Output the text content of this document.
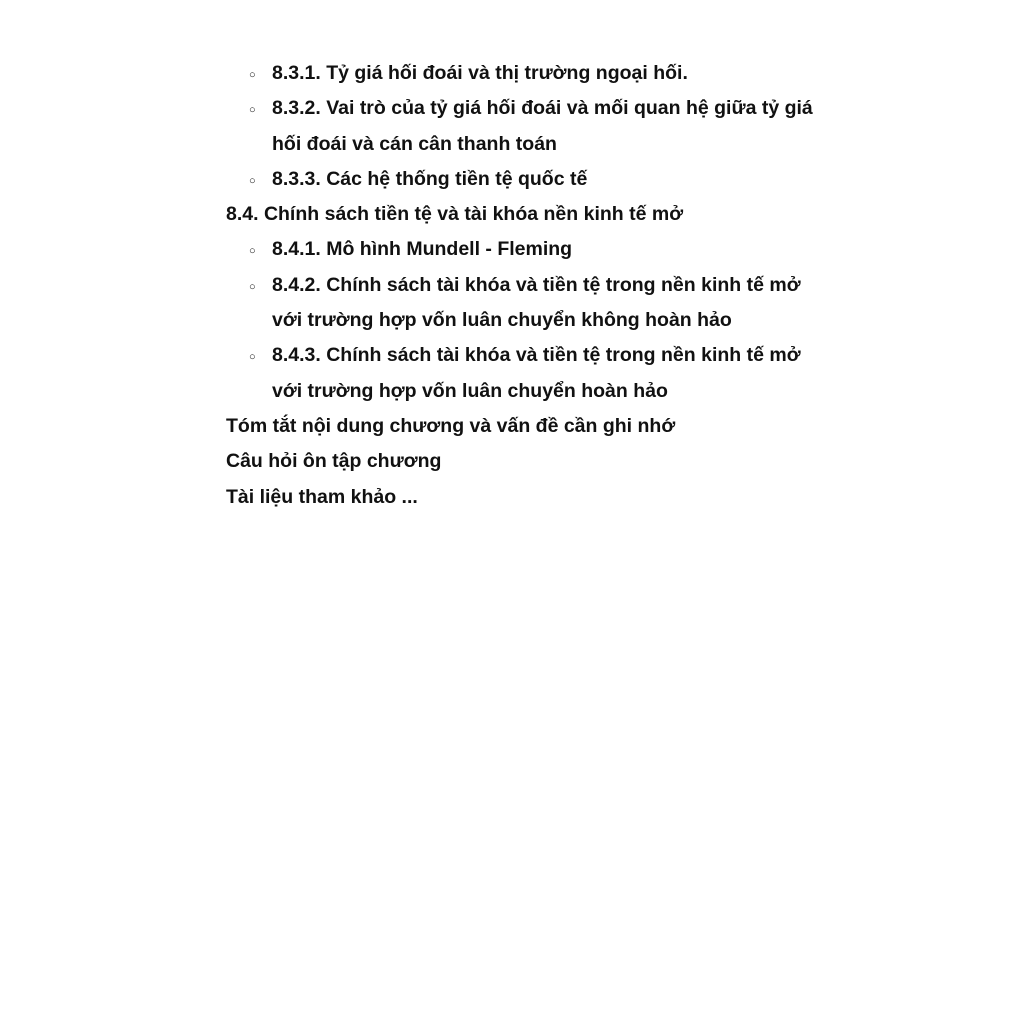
○ 8.3.1. Tỷ giá hối đoái và thị trường ngoại hối.
○ 8.3.2. Vai trò của tỷ giá hối đoái và mối quan hệ giữa tỷ giá hối đoái và cán cân thanh toán
○ 8.3.3. Các hệ thống tiền tệ quốc tế
8.4. Chính sách tiền tệ và tài khóa nền kinh tế mở
○ 8.4.1. Mô hình Mundell - Fleming
○ 8.4.2. Chính sách tài khóa và tiền tệ trong nền kinh tế mở với trường hợp vốn luân chuyển không hoàn hảo
○ 8.4.3. Chính sách tài khóa và tiền tệ trong nền kinh tế mở với trường hợp vốn luân chuyển hoàn hảo
Tóm tắt nội dung chương và vấn đề cần ghi nhớ
Câu hỏi ôn tập chương
Tài liệu tham khảo ...
